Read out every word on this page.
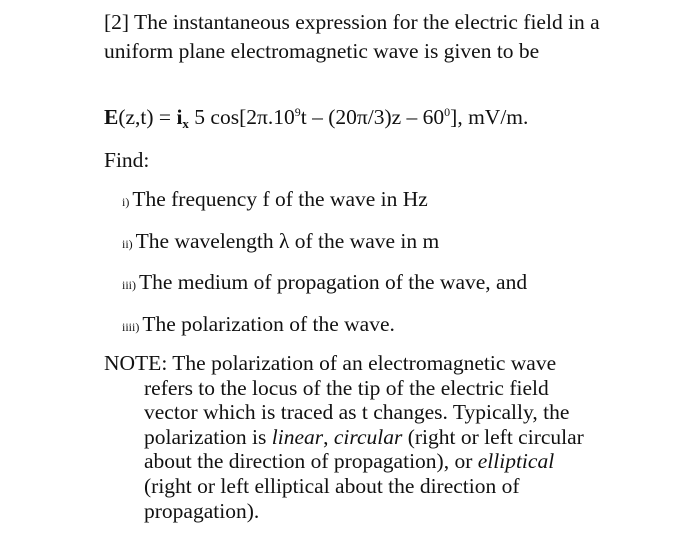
[2] The instantaneous expression for the electric field in a uniform plane electromagnetic wave is given to be
$E(z,t) = i_x$ 5 $\cos[2\pi.10^9t - (20\pi/3)z - 60^0]$, mV/m.
Find:
i) The frequency f of the wave in Hz
ii) The wavelength λ of the wave in m
iii) The medium of propagation of the wave, and
iiii) The polarization of the wave.
NOTE: The polarization of an electromagnetic wave
refers to the locus of the tip of the electric field vector which is traced as t changes. Typically, the polarization is linear, circular (right or left circular about the direction of propagation), or elliptical (right or left elliptical about the direction of propagation).
